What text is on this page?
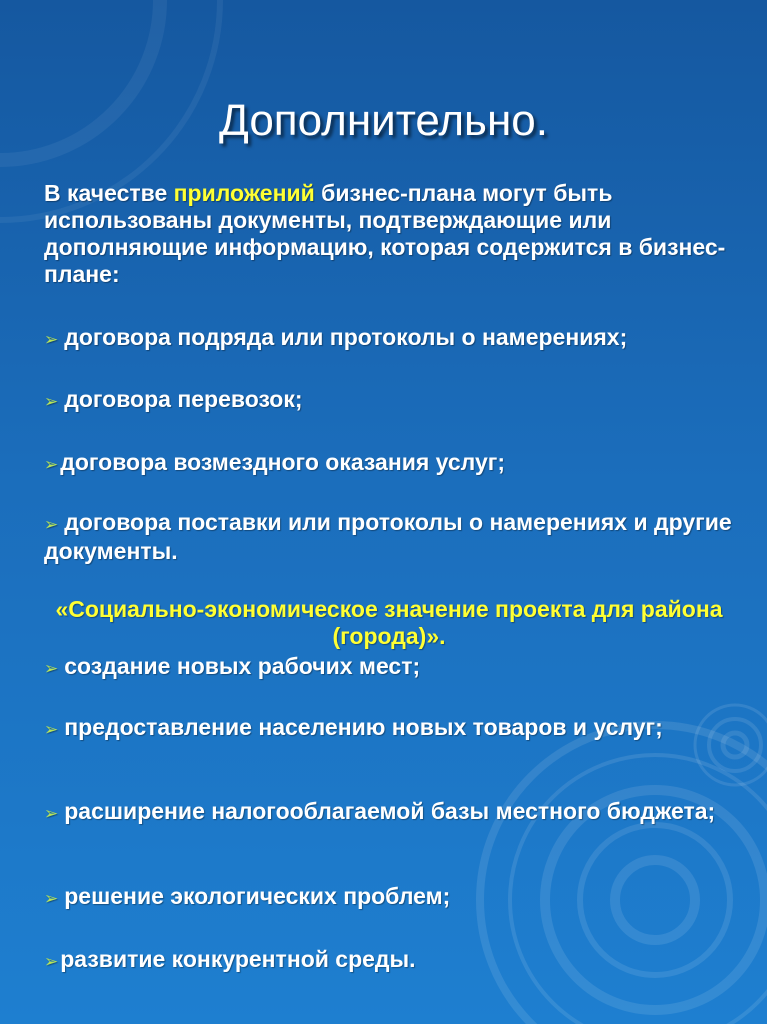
Дополнительно.
В качестве приложений бизнес-плана могут быть использованы документы, подтверждающие или дополняющие информацию, которая содержится в бизнес-плане:
➢ договора подряда или протоколы о намерениях;
➢ договора перевозок;
➢договора возмездного оказания услуг;
➢ договора поставки или протоколы о намерениях и другие документы.
«Социально-экономическое значение проекта для района (города)».
➢ создание новых рабочих мест;
➢ предоставление населению новых товаров и услуг;
➢ расширение налогооблагаемой базы местного бюджета;
➢ решение экологических проблем;
➢развитие конкурентной среды.
